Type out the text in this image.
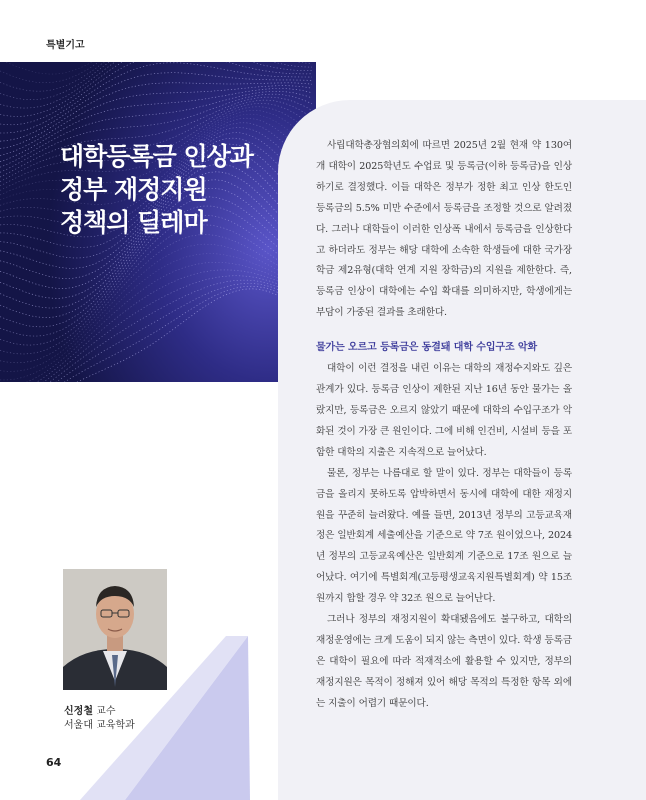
특별기고
대학등록금 인상과
정부 재정지원
정책의 딜레마

사립대학총장협의회에 따르면 2025년 2월 현재 약 130여 개 대학이 2025학년도 수업료 및 등록금(이하 등록금)을 인상하기로 결정했다. 이들 대학은 정부가 정한 최고 인상 한도인 등록금의 5.5% 미만 수준에서 등록금을 조정할 것으로 알려졌다. 그러나 대학들이 이러한 인상폭 내에서 등록금을 인상한다고 하더라도 정부는 해당 대학에 소속한 학생들에 대한 국가장학금 제2유형(대학 연계 지원 장학금)의 지원을 제한한다. 즉, 등록금 인상이 대학에는 수입 확대를 의미하지만, 학생에게는 부담이 가중된 결과를 초래한다.

물가는 오르고 등록금은 동결돼 대학 수입구조 악화

대학이 이런 결정을 내린 이유는 대학의 재정수지와도 깊은 관계가 있다. 등록금 인상이 제한된 지난 16년 동안 물가는 올랐지만, 등록금은 오르지 않았기 때문에 대학의 수입구조가 악화된 것이 가장 큰 원인이다. 그에 비해 인건비, 시설비 등을 포함한 대학의 지출은 지속적으로 늘어났다.

물론, 정부는 나름대로 할 말이 있다. 정부는 대학들이 등록금을 올리지 못하도록 압박하면서 동시에 대학에 대한 재정지원을 꾸준히 늘려왔다. 예를 들면, 2013년 정부의 고등교육재정은 일반회계 세출예산을 기준으로 약 7조 원이었으나, 2024년 정부의 고등교육예산은 일반회계 기준으로 17조 원으로 늘어났다. 여기에 특별회계(고등평생교육지원특별회계) 약 15조 원까지 합할 경우 약 32조 원으로 늘어난다.

그러나 정부의 재정지원이 확대됐음에도 불구하고, 대학의 재정운영에는 크게 도움이 되지 않는 측면이 있다. 학생 등록금은 대학이 필요에 따라 적재적소에 활용할 수 있지만, 정부의 재정지원은 목적이 정해져 있어 해당 목적의 특정한 항목 외에는 지출이 어렵기 때문이다.

신정철 교수
서울대 교육학과
64
